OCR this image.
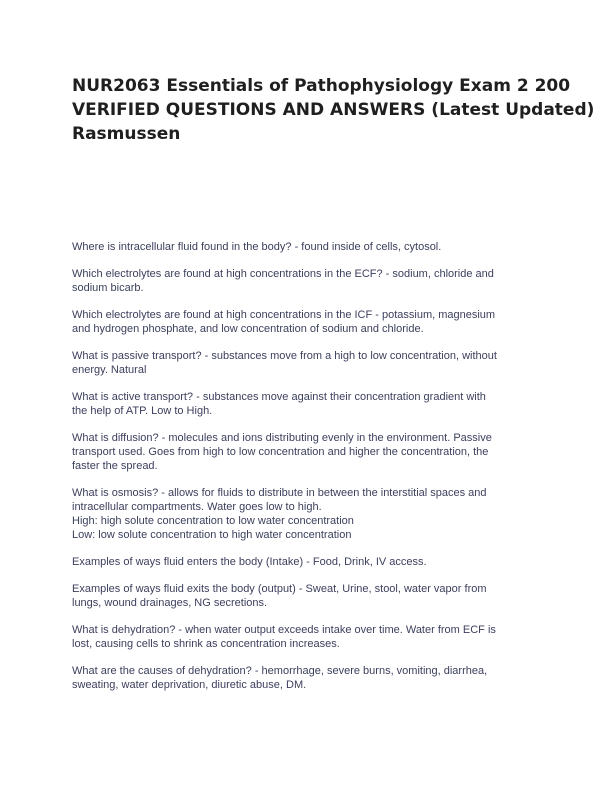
NUR2063 Essentials of Pathophysiology Exam 2 200
VERIFIED QUESTIONS AND ANSWERS (Latest Updated)
Rasmussen

Where is intracellular fluid found in the body? - found inside of cells, cytosol.

Which electrolytes are found at high concentrations in the ECF? - sodium, chloride and
sodium bicarb.

Which electrolytes are found at high concentrations in the ICF - potassium, magnesium
and hydrogen phosphate, and low concentration of sodium and chloride.

What is passive transport? - substances move from a high to low concentration, without
energy. Natural

What is active transport? - substances move against their concentration gradient with
the help of ATP. Low to High.

What is diffusion? - molecules and ions distributing evenly in the environment. Passive
transport used. Goes from high to low concentration and higher the concentration, the
faster the spread.

What is osmosis? - allows for fluids to distribute in between the interstitial spaces and
intracellular compartments. Water goes low to high.
High: high solute concentration to low water concentration
Low: low solute concentration to high water concentration

Examples of ways fluid enters the body (Intake) - Food, Drink, IV access.

Examples of ways fluid exits the body (output) - Sweat, Urine, stool, water vapor from
lungs, wound drainages, NG secretions.

What is dehydration? - when water output exceeds intake over time. Water from ECF is
lost, causing cells to shrink as concentration increases.

What are the causes of dehydration? - hemorrhage, severe burns, vomiting, diarrhea,
sweating, water deprivation, diuretic abuse, DM.
